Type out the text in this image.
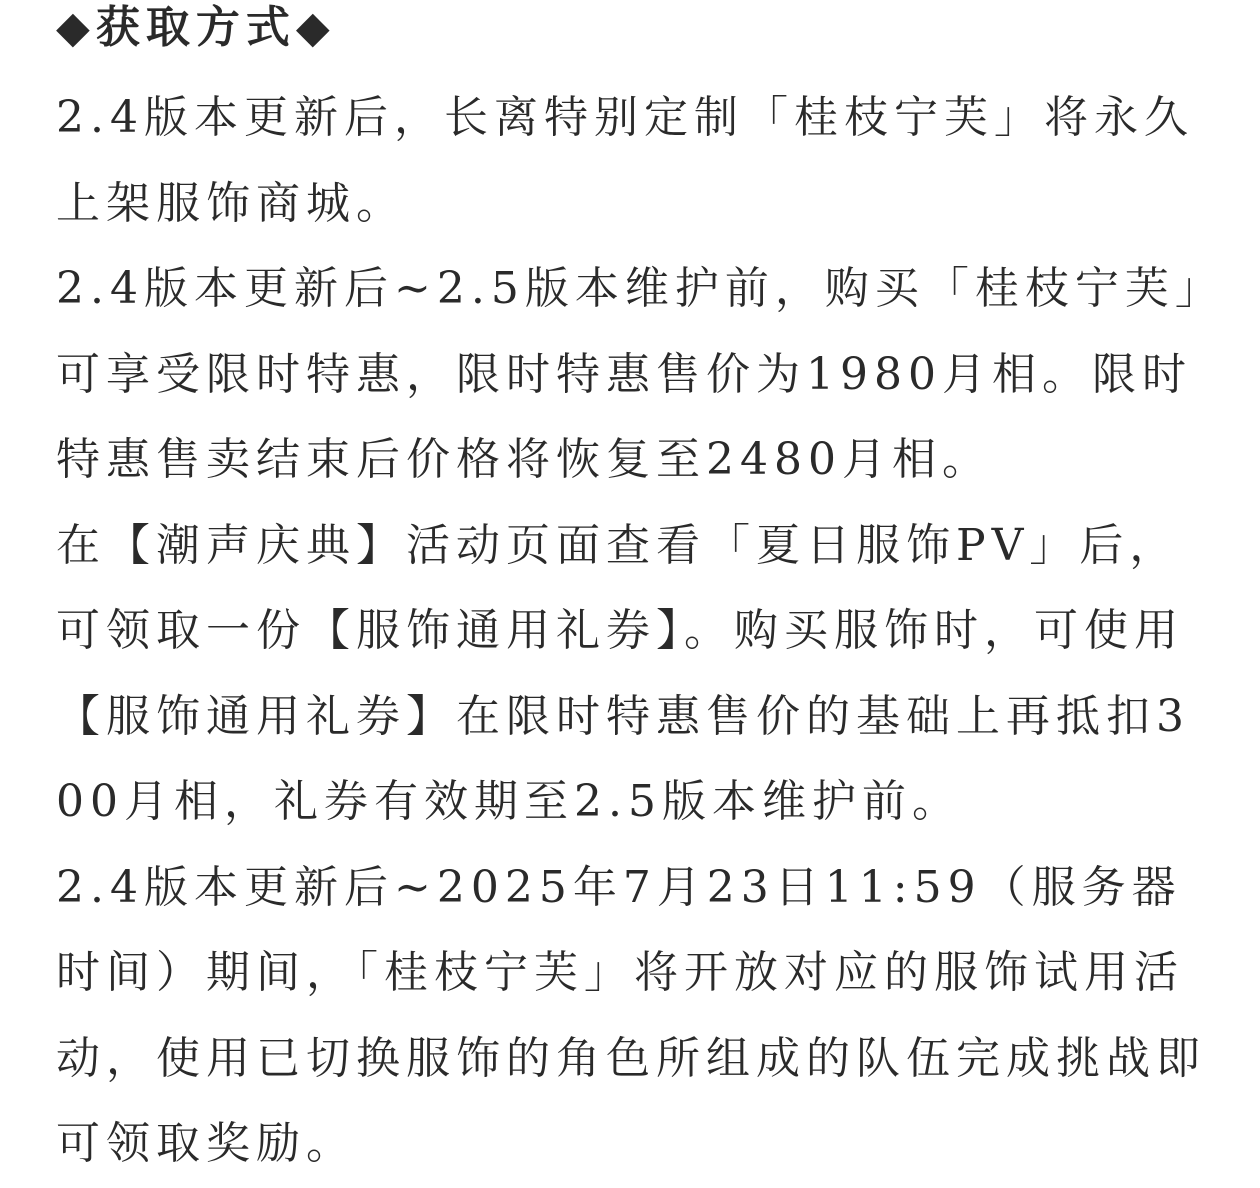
◆获取方式◆

2.4版本更新后，长离特别定制「桂枝宁芙」将永久上架服饰商城。

2.4版本更新后~2.5版本维护前，购买「桂枝宁芙」可享受限时特惠，限时特惠售价为1980月相。限时特惠售卖结束后价格将恢复至2480月相。

在【潮声庆典】活动页面查看「夏日服饰PV」后，可领取一份【服饰通用礼券】。购买服饰时，可使用【服饰通用礼券】在限时特惠售价的基础上再抵扣300月相，礼券有效期至2.5版本维护前。

2.4版本更新后~2025年7月23日11:59（服务器时间）期间，「桂枝宁芙」将开放对应的服饰试用活动，使用已切换服饰的角色所组成的队伍完成挑战即可领取奖励。
